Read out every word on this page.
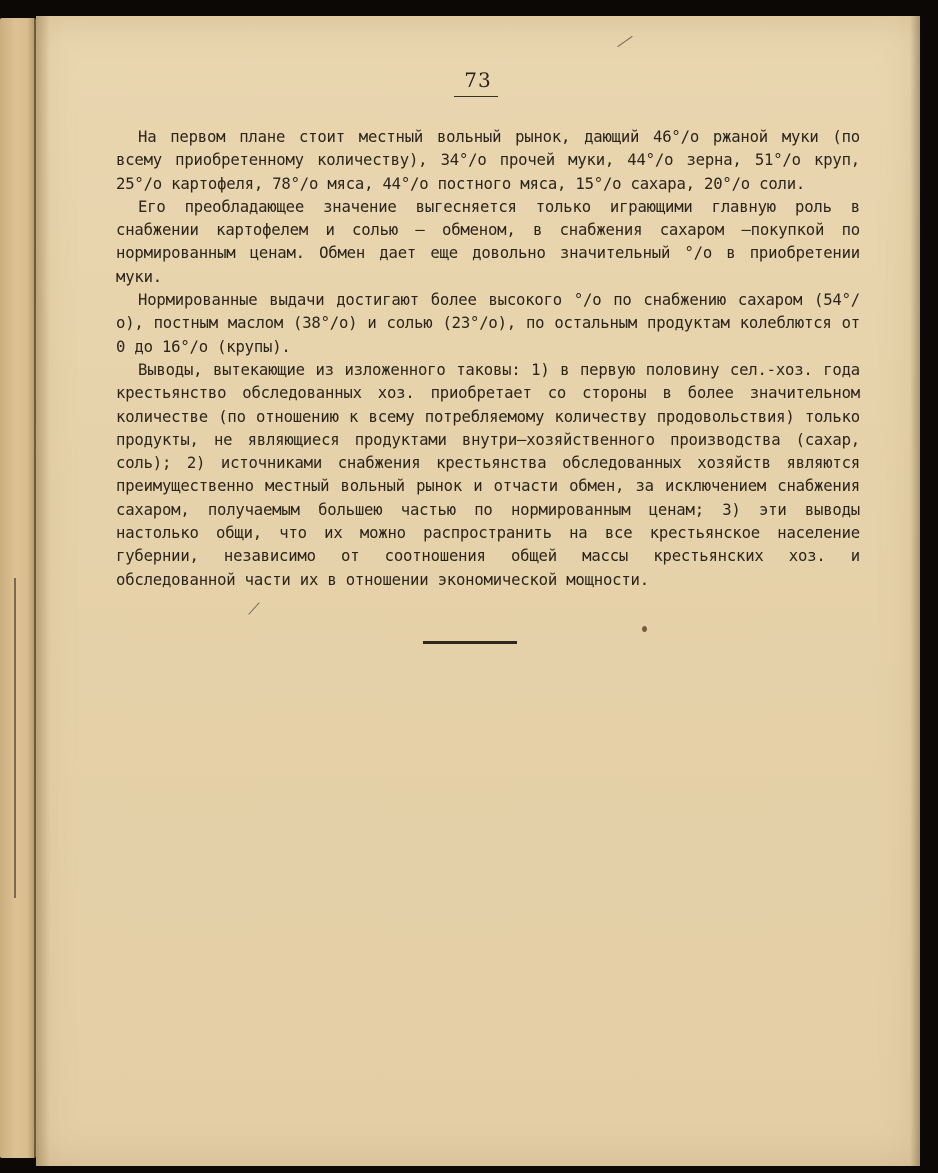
73

На первом плане стоит местный вольный рынок, дающий 46°/о ржаной муки (по всему приобретенному количеству), 34°/о прочей муки, 44°/о зерна, 51°/о круп, 25°/о картофеля, 78°/о мяса, 44°/о постного мяса, 15°/о сахара, 20°/о соли.

Его преобладающее значение выгесняется только играющими главную роль в снабжении картофелем и солью — обменом, в снабжения сахаром —покупкой по нормированным ценам. Обмен дает еще довольно значительный °/о в приобретении муки.

Нормированные выдачи достигают более высокого °/о по снабжению сахаром (54°/о), постным маслом (38°/о) и солью (23°/о), по остальным продуктам колеблются от 0 до 16°/о (крупы).

Выводы, вытекающие из изложенного таковы: 1) в первую половину сел.-хоз. года крестьянство обследованных хоз. приобретает со стороны в более значительном количестве (по отношению к всему потребляемому количеству продовольствия) только продукты, не являющиеся продуктами внутри—хозяйственного производства (сахар, соль); 2) источниками снабжения крестьянства обследованных хозяйств являются преимущественно местный вольный рынок и отчасти обмен, за исключением снабжения сахаром, получаемым большею частью по нормированным ценам; 3) эти выводы настолько общи, что их можно распространить на все крестьянское население губернии, независимо от соотношения общей массы крестьянских хоз. и обследованной части их в отношении экономической мощности.
